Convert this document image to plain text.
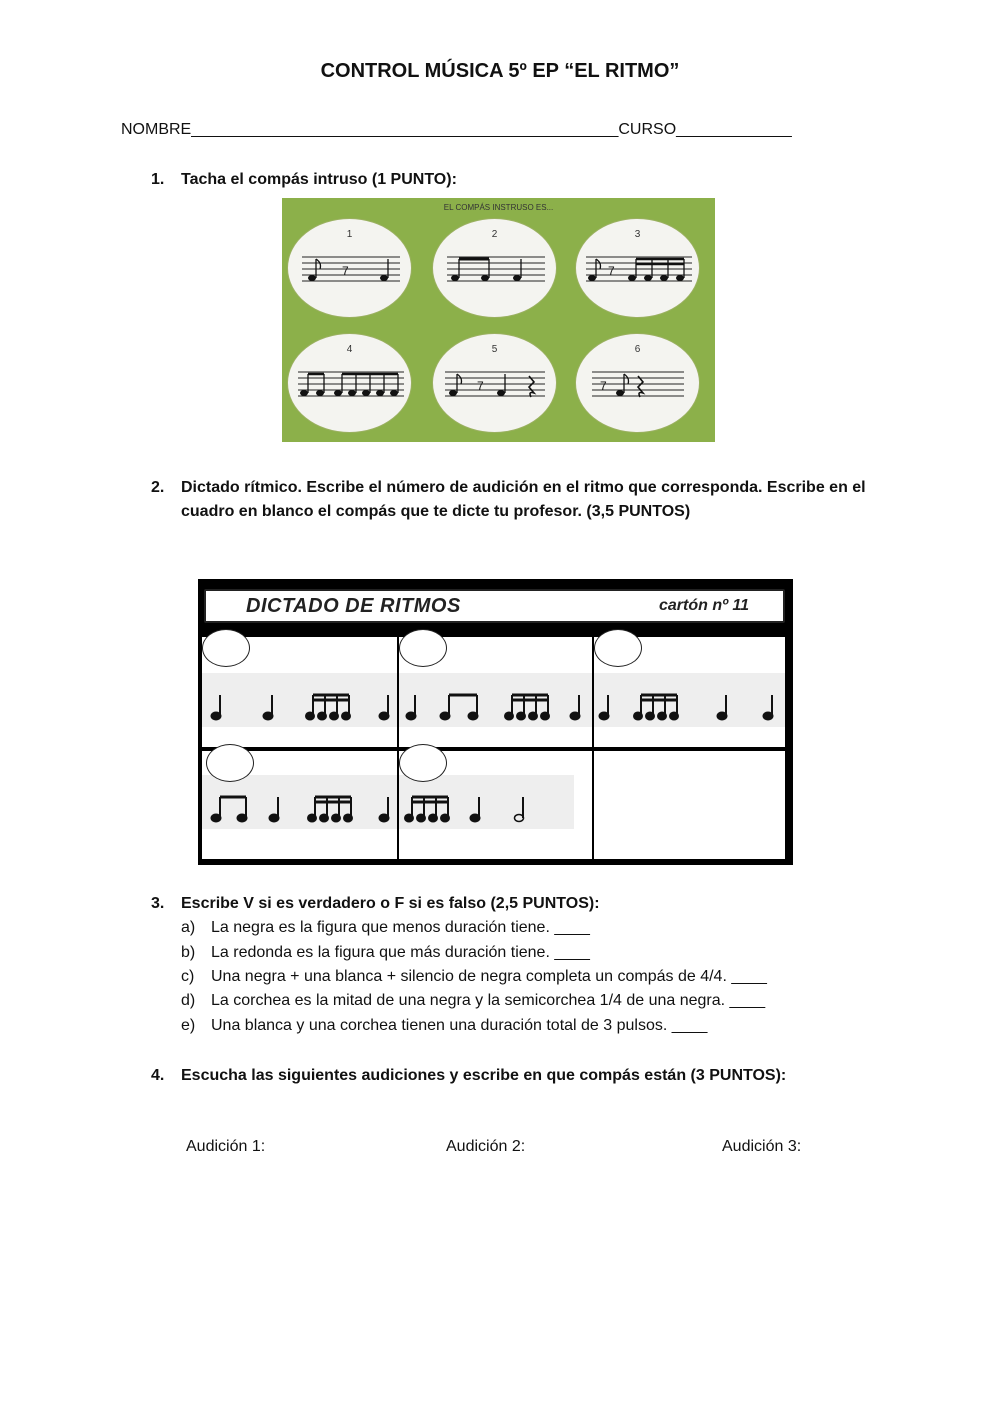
CONTROL MÚSICA 5º EP “EL RITMO”
NOMBRE________________________________________________CURSO_____________
1. Tacha el compás intruso (1 PUNTO):
EL COMPÁS INSTRUSO ES...
1
7
2	3
7
4	5
7
6
7
2. Dictado rítmico. Escribe el número de audición en el ritmo que corresponda. Escribe en el cuadro en blanco el compás que te dicte tu profesor. (3,5 PUNTOS)
DICTADO DE RITMOS	cartón nº 11
3. Escribe V si es verdadero o F si es falso (2,5 PUNTOS):
a) La negra es la figura que menos duración tiene. ____
b) La redonda es la figura que más duración tiene. ____
c) Una negra + una blanca + silencio de negra completa un compás de 4/4. ____
d) La corchea es la mitad de una negra y la semicorchea 1/4 de una negra. ____
e) Una blanca y una corchea tienen una duración total de 3 pulsos. ____
4. Escucha las siguientes audiciones y escribe en que compás están (3 PUNTOS):
Audición 1:	Audición 2:	Audición 3:
